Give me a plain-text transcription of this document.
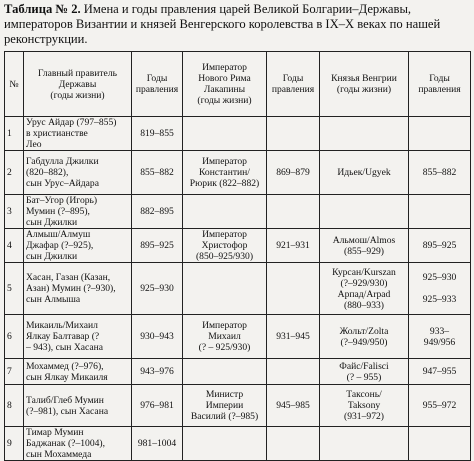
Таблица № 2. Имена и годы правления царей Великой Болгарии–Державы, императоров Византии и князей Венгерского королевства в IX–X веках по нашей реконструкции.

№	Главный правитель
Державы
(годы жизни)	Годы
правления	Император
Нового Рима
Лакапины
(годы жизни)	Годы
правления	Князья Венгрии
(годы жизни)	Годы
правления
1	Урус Айдар (797–855)
в христианстве
Лео	819–855				
2	Габдулла Джилки
(820–882),
сын Урус–Айдара	855–882	Император
Константин/
Рюрик (822–882)	869–879	Идьек/Ugyek	855–882
3	Бат–Угор (Игорь)
Мумин (?–895),
сын Джилки	882–895				
4	Алмыш/Алмуш
Джафар (?–925),
сын Джилки	895–925	Император
Христофор
(850–925/930)	921–931	Альмош/Almos
(855–929)	895–925
5	Хасан, Газан (Казан,
Азан) Мумин (?–930),
сын Алмыша	925–930			Курсан/Kurszan
(?–929/930)
Арпад/Arpad
(880–933)	925–930

925–933
6	Микаиль/Михаил
Ялкау Балтавар (?
– 943), сын Хасана	930–943	Император
Михаил
(? – 925/930)	931–945	Жольт/Zolta
(?–949/950)	933–
949/956
7	Мохаммед (?–976),
сын Ялкау Микаиля	943–976			Файс/Falisci
(? – 955)	947–955
8	Талиб/Глеб Мумин
(?–981), сын Хасана	976–981	Министр
Империи
Василий (?–985)	945–985	Таксонь/
Taksony
(931–972)	955–972
9	Тимар Мумин
Баджанак (?–1004),
сын Мохаммеда	981–1004				
